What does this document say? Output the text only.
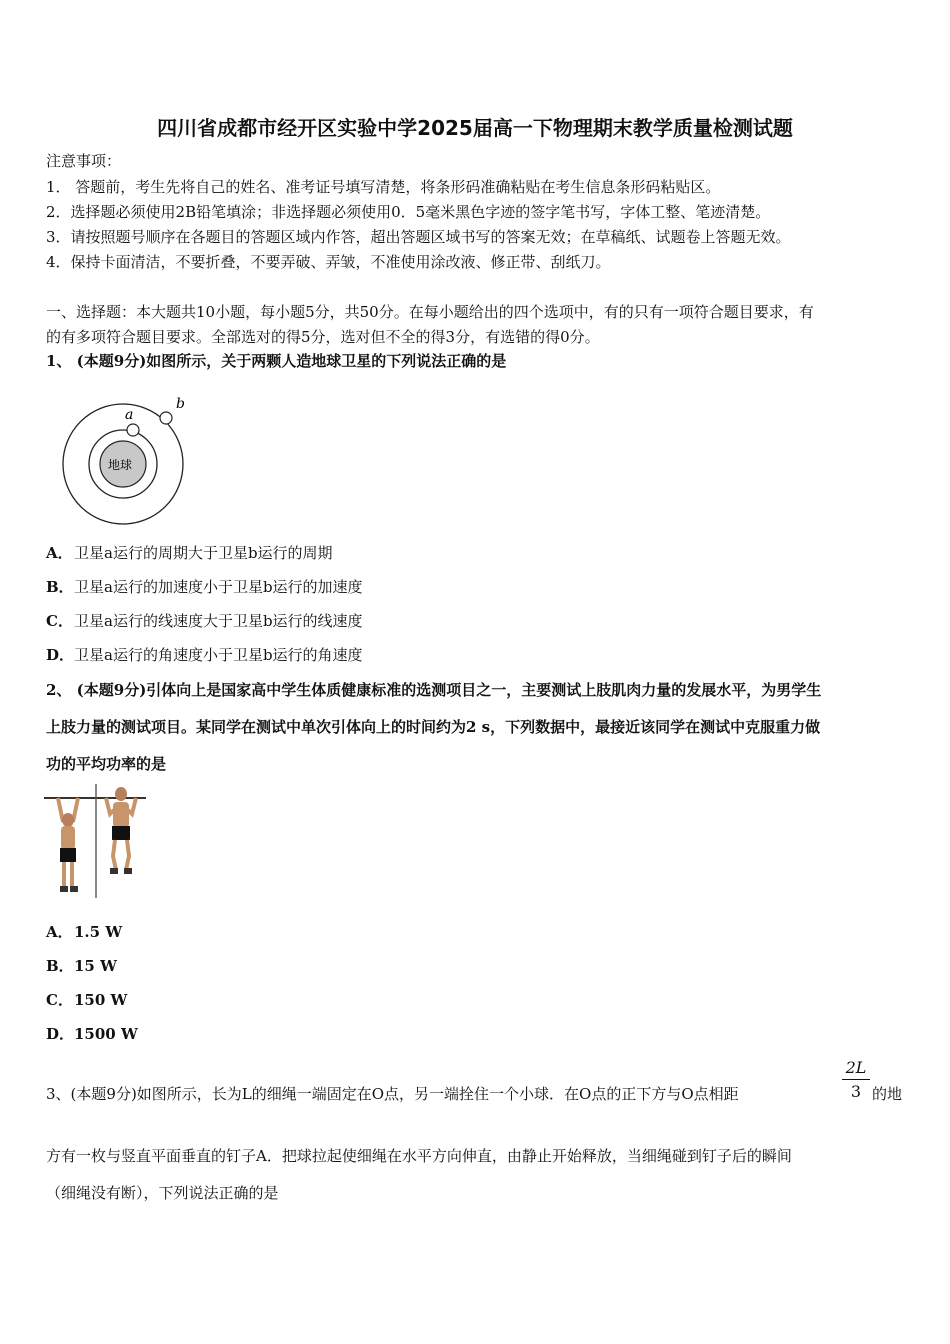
四川省成都市经开区实验中学2025届高一下物理期末教学质量检测试题
注意事项：
1． 答题前，考生先将自己的姓名、准考证号填写清楚，将条形码准确粘贴在考生信息条形码粘贴区。
2．选择题必须使用2B铅笔填涂；非选择题必须使用0．5毫米黑色字迹的签字笔书写，字体工整、笔迹清楚。
3．请按照题号顺序在各题目的答题区域内作答，超出答题区域书写的答案无效；在草稿纸、试题卷上答题无效。
4．保持卡面清洁，不要折叠，不要弄破、弄皱，不准使用涂改液、修正带、刮纸刀。
一、选择题：本大题共10小题，每小题5分，共50分。在每小题给出的四个选项中，有的只有一项符合题目要求，有
的有多项符合题目要求。全部选对的得5分，选对但不全的得3分，有选错的得0分。
1、 (本题9分)如图所示，关于两颗人造地球卫星的下列说法正确的是
地球
a
b
A．卫星a运行的周期大于卫星b运行的周期
B．卫星a运行的加速度小于卫星b运行的加速度
C．卫星a运行的线速度大于卫星b运行的线速度
D．卫星a运行的角速度小于卫星b运行的角速度
2、 (本题9分)引体向上是国家高中学生体质健康标准的选测项目之一，主要测试上肢肌肉力量的发展水平，为男学生
上肢力量的测试项目。某同学在测试中单次引体向上的时间约为2 s，下列数据中，最接近该同学在测试中克服重力做
功的平均功率的是
A．1.5 W
B．15 W
C．150 W
D．1500 W
3、(本题9分)如图所示，长为L的细绳一端固定在O点，另一端拴住一个小球．在O点的正下方与O点相距	$\frac{2L}{3}$ 的地
方有一枚与竖直平面垂直的钉子A．把球拉起使细绳在水平方向伸直，由静止开始释放，当细绳碰到钉子后的瞬间
（细绳没有断），下列说法正确的是
